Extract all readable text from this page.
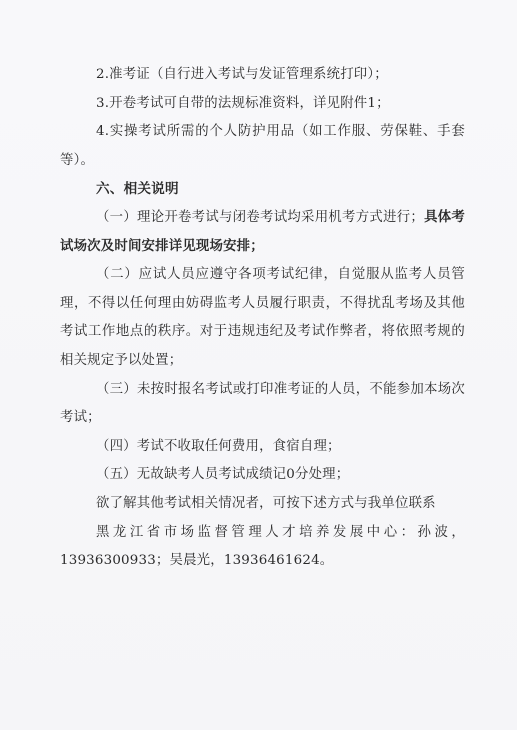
2.准考证（自行进入考试与发证管理系统打印）；

3.开卷考试可自带的法规标准资料，详见附件1；

4.实操考试所需的个人防护用品（如工作服、劳保鞋、手套等）。

六、相关说明

（一）理论开卷考试与闭卷考试均采用机考方式进行；具体考试场次及时间安排详见现场安排；

（二）应试人员应遵守各项考试纪律，自觉服从监考人员管理，不得以任何理由妨碍监考人员履行职责，不得扰乱考场及其他考试工作地点的秩序。对于违规违纪及考试作弊者，将依照考规的相关规定予以处置；

（三）未按时报名考试或打印准考证的人员，不能参加本场次考试；

（四）考试不收取任何费用，食宿自理；

（五）无故缺考人员考试成绩记0分处理；

欲了解其他考试相关情况者，可按下述方式与我单位联系

黑龙江省市场监督管理人才培养发展中心：孙波，13936300933；吴晨光，13936461624。
